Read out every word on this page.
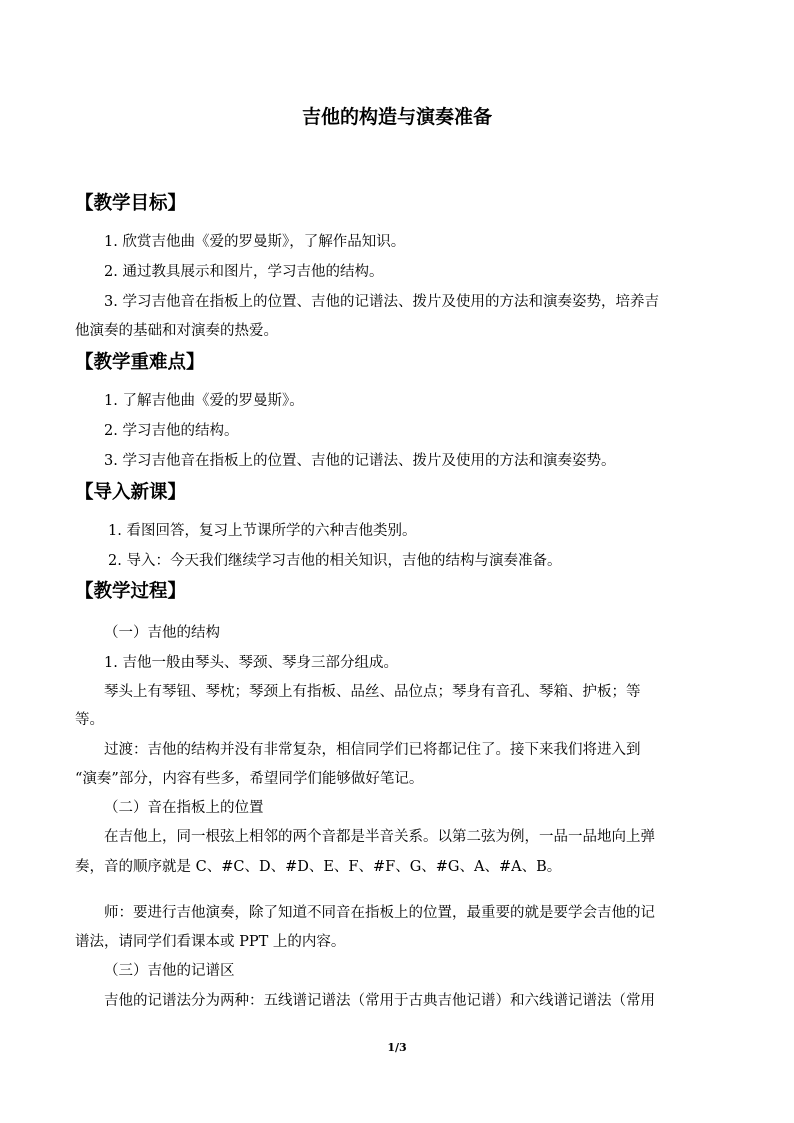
吉他的构造与演奏准备
【教学目标】
1. 欣赏吉他曲《爱的罗曼斯》，了解作品知识。
2. 通过教具展示和图片，学习吉他的结构。
3. 学习吉他音在指板上的位置、吉他的记谱法、拨片及使用的方法和演奏姿势，培养吉
他演奏的基础和对演奏的热爱。
【教学重难点】
1. 了解吉他曲《爱的罗曼斯》。
2. 学习吉他的结构。
3. 学习吉他音在指板上的位置、吉他的记谱法、拨片及使用的方法和演奏姿势。
【导入新课】
1. 看图回答，复习上节课所学的六种吉他类别。
2. 导入：今天我们继续学习吉他的相关知识，吉他的结构与演奏准备。
【教学过程】
（一）吉他的结构
1. 吉他一般由琴头、琴颈、琴身三部分组成。
琴头上有琴钮、琴枕；琴颈上有指板、品丝、品位点；琴身有音孔、琴箱、护板；等
等。
过渡：吉他的结构并没有非常复杂，相信同学们已将都记住了。接下来我们将进入到
“演奏”部分，内容有些多，希望同学们能够做好笔记。
（二）音在指板上的位置
在吉他上，同一根弦上相邻的两个音都是半音关系。以第二弦为例，一品一品地向上弹
奏，音的顺序就是 C、#C、D、#D、E、F、#F、G、#G、A、#A、B。
师：要进行吉他演奏，除了知道不同音在指板上的位置，最重要的就是要学会吉他的记
谱法，请同学们看课本或 PPT 上的内容。
（三）吉他的记谱区
吉他的记谱法分为两种：五线谱记谱法（常用于古典吉他记谱）和六线谱记谱法（常用
1/3
